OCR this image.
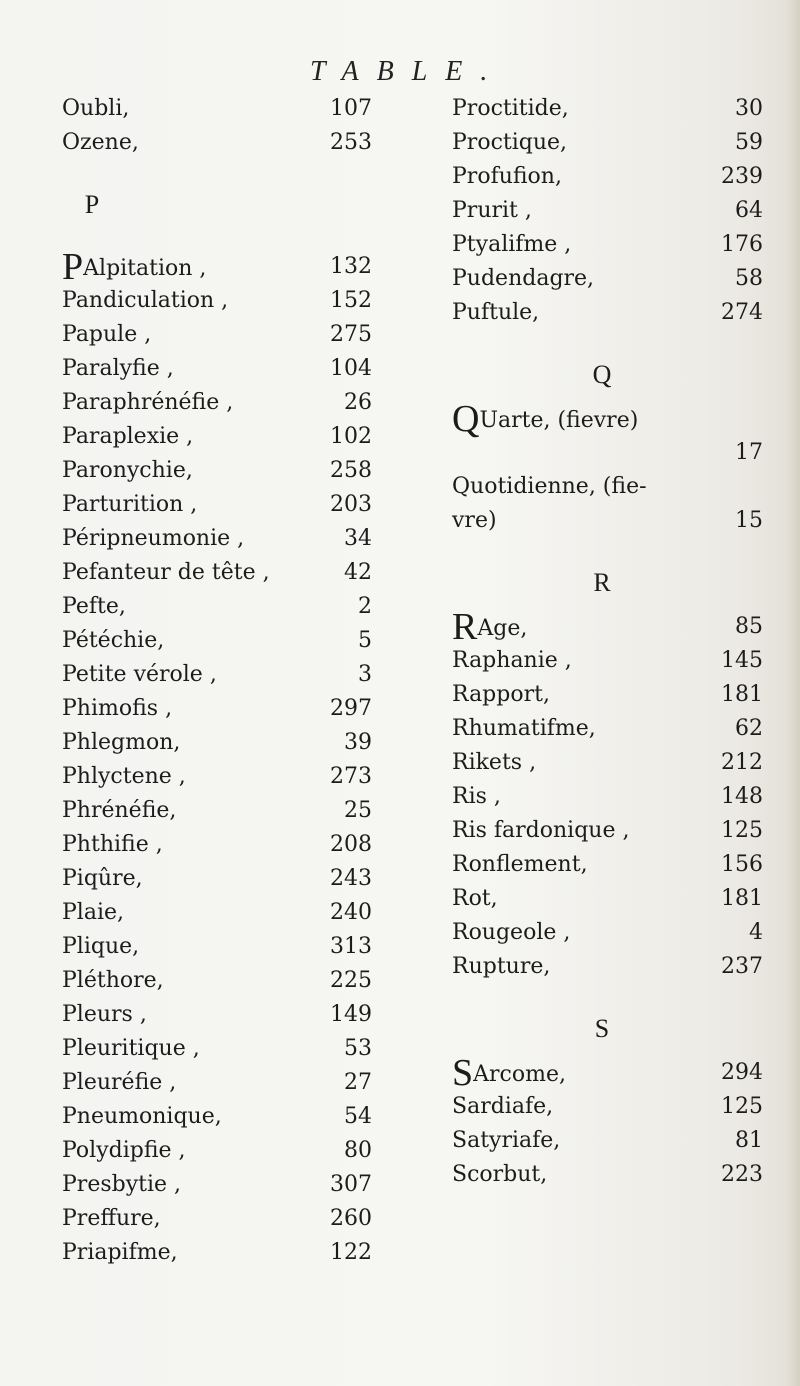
TABLE.
Oubli,	107
Ozene,	253
P
PAlpitation ,	132
Pandiculation ,	152
Papule ,	275
Paralyfie ,	104
Paraphrénéfie ,	26
Paraplexie ,	102
Paronychie,	258
Parturition ,	203
Péripneumonie ,	34
Pefanteur de tête ,	42
Pefte,	2
Pétéchie,	5
Petite vérole ,	3
Phimofis ,	297
Phlegmon,	39
Phlyctene ,	273
Phrénéfie,	25
Phthifie ,	208
Piqûre,	243
Plaie,	240
Plique,	313
Pléthore,	225
Pleurs ,	149
Pleuritique ,	53
Pleuréfie ,	27
Pneumonique,	54
Polydipfie ,	80
Presbytie ,	307
Preffure,	260
Priapifme,	122
Proctitide,	30
Proctique,	59
Profufion,	239
Prurit ,	64
Ptyalifme ,	176
Pudendagre,	58
Puftule,	274
Q
QUarte, (fievre)
17
Quotidienne, (fie-
vre)	15
R
RAge,	85
Raphanie ,	145
Rapport,	181
Rhumatifme,	62
Rikets ,	212
Ris ,	148
Ris fardonique ,	125
Ronflement,	156
Rot,	181
Rougeole ,	4
Rupture,	237
S
SArcome,	294
Sardiafe,	125
Satyriafe,	81
Scorbut,	223
